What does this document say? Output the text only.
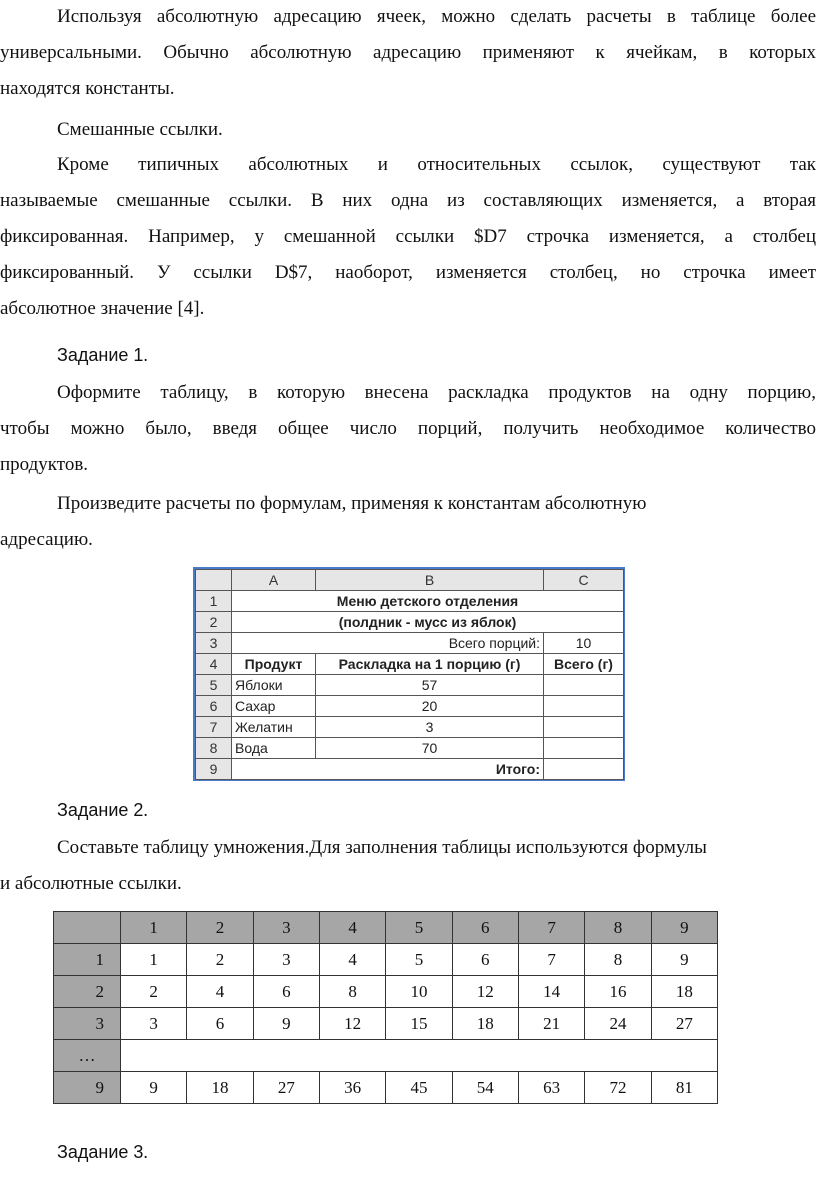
Используя абсолютную адресацию ячеек, можно сделать расчеты в таблице более
универсальными. Обычно абсолютную адресацию применяют к ячейкам, в которых
находятся константы.
Смешанные ссылки.
Кроме типичных абсолютных и относительных ссылок, существуют так
называемые смешанные ссылки. В них одна из составляющих изменяется, а вторая
фиксированная. Например, у смешанной ссылки $D7 строчка изменяется, а столбец
фиксированный. У ссылки D$7, наоборот, изменяется столбец, но строчка имеет
абсолютное значение [4].
Задание 1.
Оформите таблицу, в которую внесена раскладка продуктов на одну порцию,
чтобы можно было, введя общее число порций, получить необходимое количество
продуктов.
Произведите расчеты по формулам, применяя к константам абсолютную
адресацию.
	A	B	C
1	Меню детского отделения		
2	(полдник - мусс из яблок)		
3	Всего порций:		10
4	Продукт	Раскладка на 1 порцию (г)	Всего (г)
5	Яблоки	57	
6	Сахар	20	
7	Желатин	3	
8	Вода	70	
9	Итого:		
Задание 2.
Составьте таблицу умножения.Для заполнения таблицы используются формулы
и абсолютные ссылки.
	1	2	3	4	5	6	7	8	9
1	1	2	3	4	5	6	7	8	9
2	2	4	6	8	10	12	14	16	18
3	3	6	9	12	15	18	21	24	27
…									
9	9	18	27	36	45	54	63	72	81
Задание 3.
